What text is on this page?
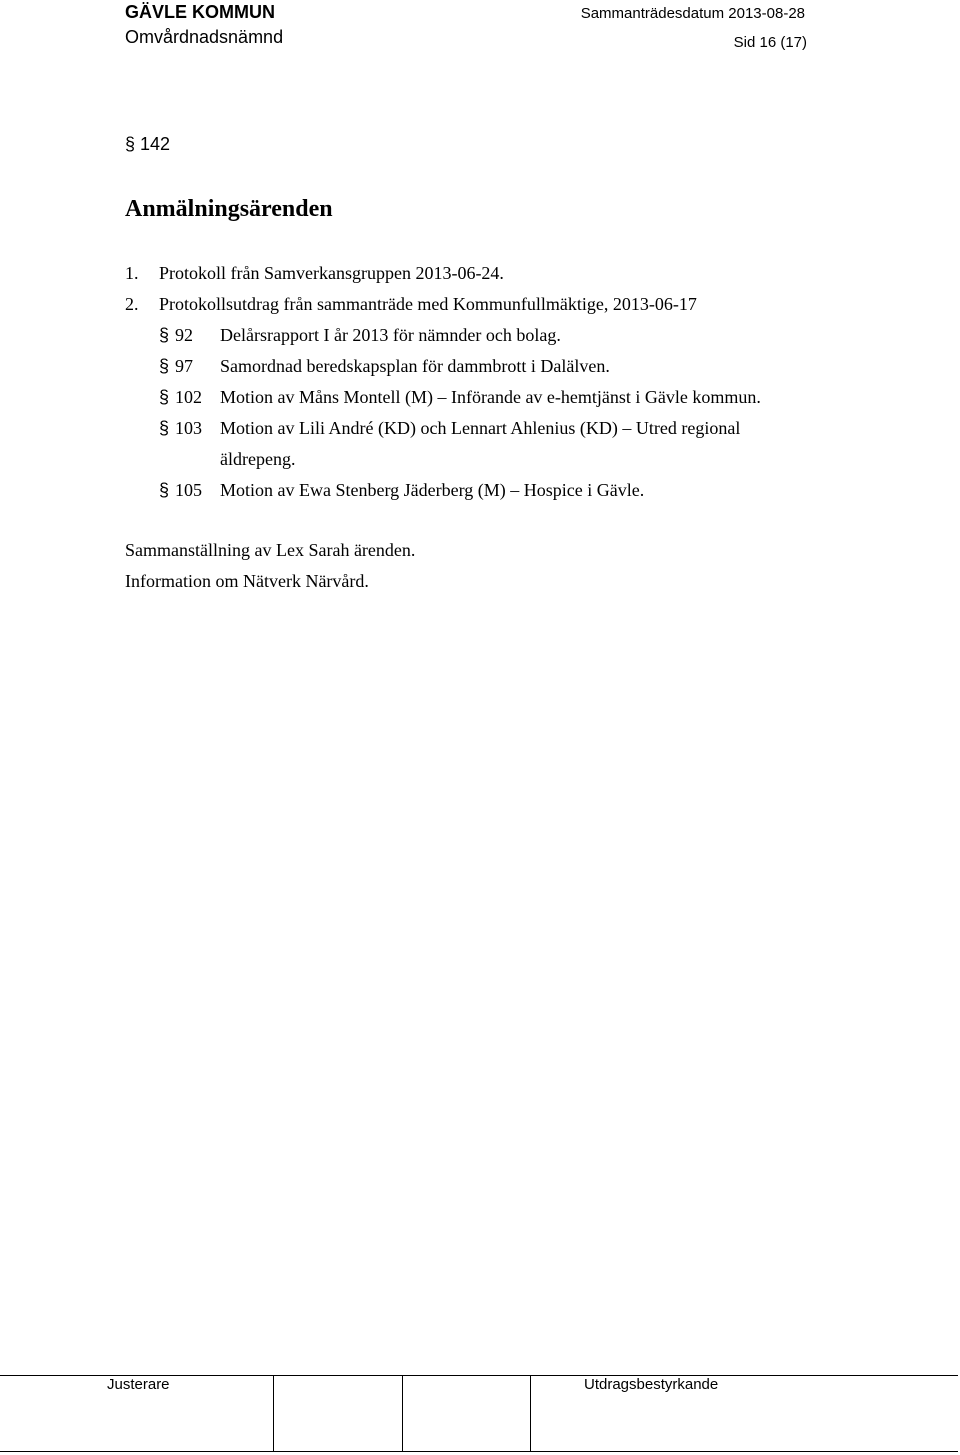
GÄVLE KOMMUN
Omvårdnadsnämnd
Sammanträdesdatum 2013-08-28
Sid 16 (17)
§ 142
Anmälningsärenden
1. Protokoll från Samverkansgruppen 2013-06-24.
2. Protokollsutdrag från sammanträde med Kommunfullmäktige, 2013-06-17
§ 92 Delårsrapport I år 2013 för nämnder och bolag.
§ 97 Samordnad beredskapsplan för dammbrott i Dalälven.
§ 102 Motion av Måns Montell (M) – Införande av e-hemtjänst i Gävle kommun.
§ 103 Motion av Lili André (KD) och Lennart Ahlenius (KD) – Utred regional
äldrepeng.
§ 105 Motion av Ewa Stenberg Jäderberg (M) – Hospice i Gävle.
Sammanställning av Lex Sarah ärenden.
Information om Nätverk Närvård.
Justerare	Utdragsbestyrkande
